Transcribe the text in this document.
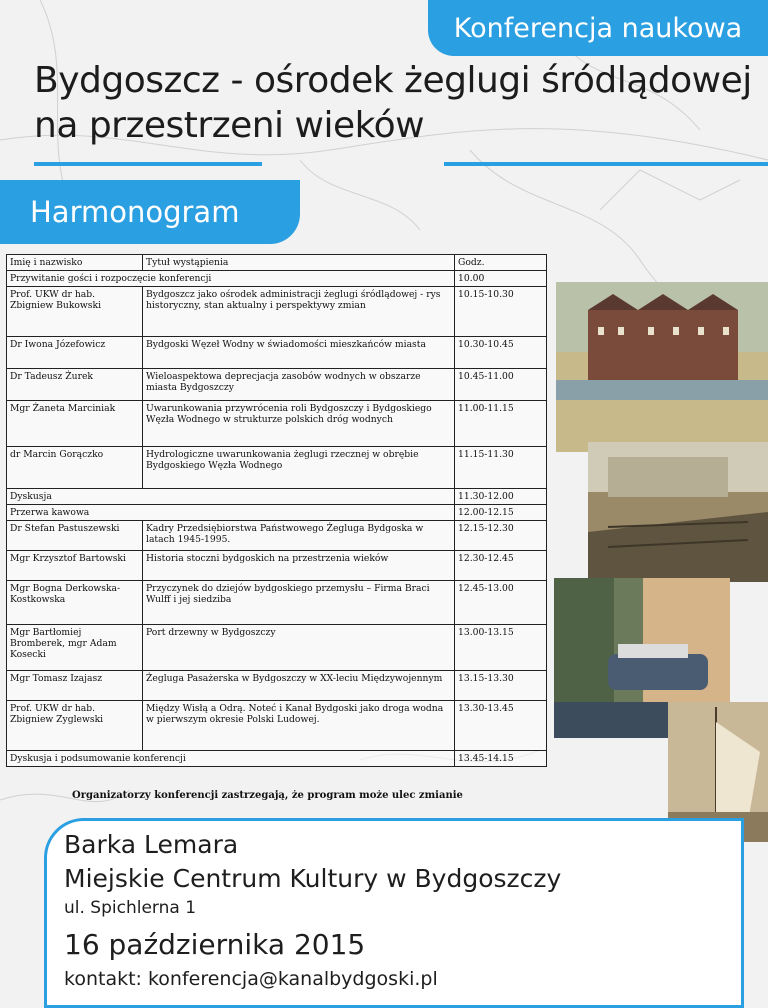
Konferencja naukowa
Bydgoszcz - ośrodek żeglugi śródlądowej
na przestrzeni wieków
Harmonogram
Imię i nazwisko	Tytuł wystąpienia	Godz.
Przywitanie gości i rozpoczęcie konferencji		10.00
Prof. UKW dr hab. Zbigniew Bukowski	Bydgoszcz jako ośrodek administracji żeglugi śródlądowej - rys historyczny, stan aktualny i perspektywy zmian	10.15-10.30
Dr Iwona Józefowicz	Bydgoski Węzeł Wodny w świadomości mieszkańców miasta	10.30-10.45
Dr Tadeusz Żurek	Wieloaspektowa deprecjacja zasobów wodnych w obszarze miasta Bydgoszczy	10.45-11.00
Mgr Żaneta Marciniak	Uwarunkowania przywrócenia roli Bydgoszczy i Bydgoskiego Węzła Wodnego w strukturze polskich dróg wodnych	11.00-11.15
dr Marcin Gorączko	Hydrologiczne uwarunkowania żeglugi rzecznej w obrębie Bydgoskiego Węzła Wodnego	11.15-11.30
Dyskusja		11.30-12.00
Przerwa kawowa		12.00-12.15
Dr Stefan Pastuszewski	Kadry Przedsiębiorstwa Państwowego Żegluga Bydgoska w latach 1945-1995.	12.15-12.30
Mgr Krzysztof Bartowski	Historia stoczni bydgoskich na przestrzenia wieków	12.30-12.45
Mgr Bogna Derkowska-Kostkowska	Przyczynek do dziejów bydgoskiego przemysłu – Firma Braci Wulff i jej siedziba	12.45-13.00
Mgr Bartłomiej Bromberek, mgr Adam Kosecki	Port drzewny w Bydgoszczy	13.00-13.15
Mgr Tomasz Izajasz	Żegluga Pasażerska w Bydgoszczy w XX-leciu Międzywojennym	13.15-13.30
Prof. UKW dr hab. Zbigniew Zyglewski	Między Wisłą a Odrą. Noteć i Kanał Bydgoski jako droga wodna w pierwszym okresie Polski Ludowej.	13.30-13.45
Dyskusja i podsumowanie konferencji		13.45-14.15
Organizatorzy konferencji zastrzegają, że program może ulec zmianie
Barka Lemara
Miejskie Centrum Kultury w Bydgoszczy
ul. Spichlerna 1
16 października 2015
kontakt: konferencja@kanalbydgoski.pl
